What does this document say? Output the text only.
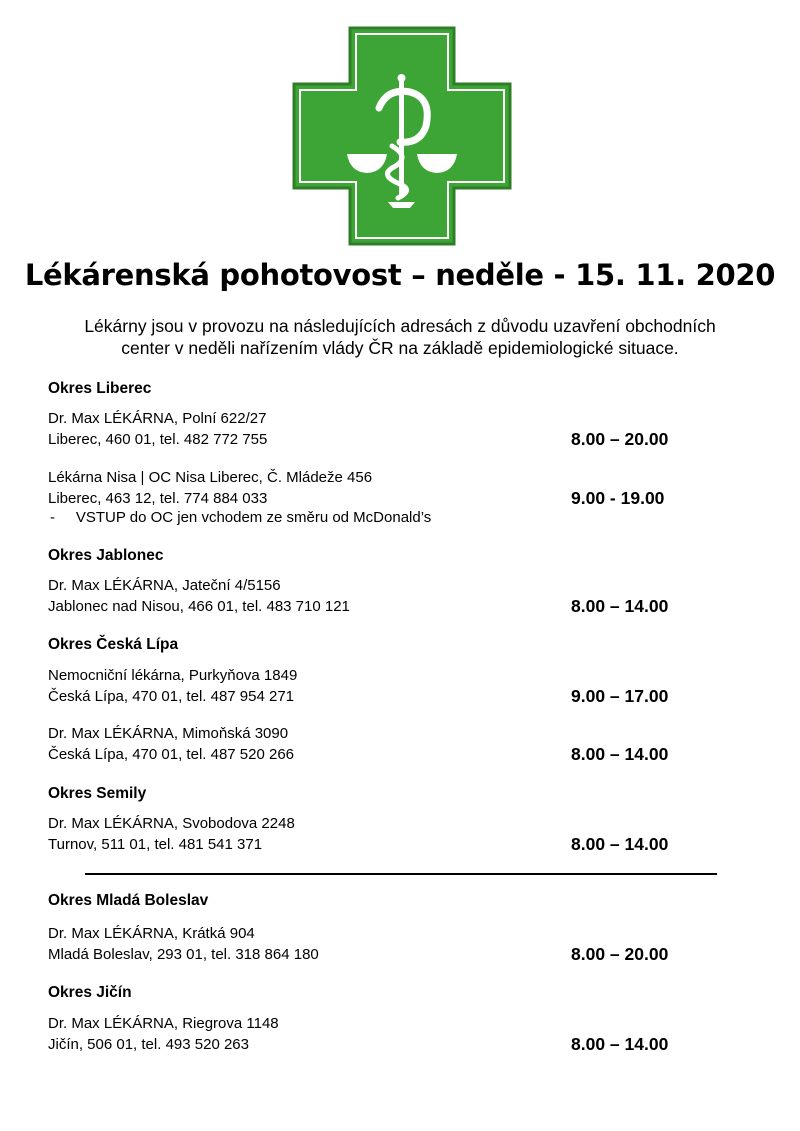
Lékárenská pohotovost – neděle - 15. 11. 2020
Lékárny jsou v provozu na následujících adresách z důvodu uzavření obchodních
center v neděli nařízením vlády ČR na základě epidemiologické situace.
Okres Liberec
Dr. Max LÉKÁRNA, Polní 622/27
Liberec, 460 01, tel. 482 772 755	8.00 – 20.00
Lékárna Nisa | OC Nisa Liberec, Č. Mládeže 456
Liberec, 463 12, tel. 774 884 033	9.00 - 19.00
-     VSTUP do OC jen vchodem ze směru od McDonald’s
Okres Jablonec
Dr. Max LÉKÁRNA, Jateční 4/5156
Jablonec nad Nisou, 466 01, tel. 483 710 121	8.00 – 14.00
Okres Česká Lípa
Nemocniční lékárna, Purkyňova 1849
Česká Lípa, 470 01, tel. 487 954 271	9.00 – 17.00
Dr. Max LÉKÁRNA, Mimoňská 3090
Česká Lípa, 470 01, tel. 487 520 266	8.00 – 14.00
Okres Semily
Dr. Max LÉKÁRNA, Svobodova 2248
Turnov, 511 01, tel. 481 541 371	8.00 – 14.00
Okres Mladá Boleslav
Dr. Max LÉKÁRNA, Krátká 904
Mladá Boleslav, 293 01, tel. 318 864 180	8.00 – 20.00
Okres Jičín
Dr. Max LÉKÁRNA, Riegrova 1148
Jičín, 506 01, tel. 493 520 263	8.00 – 14.00
